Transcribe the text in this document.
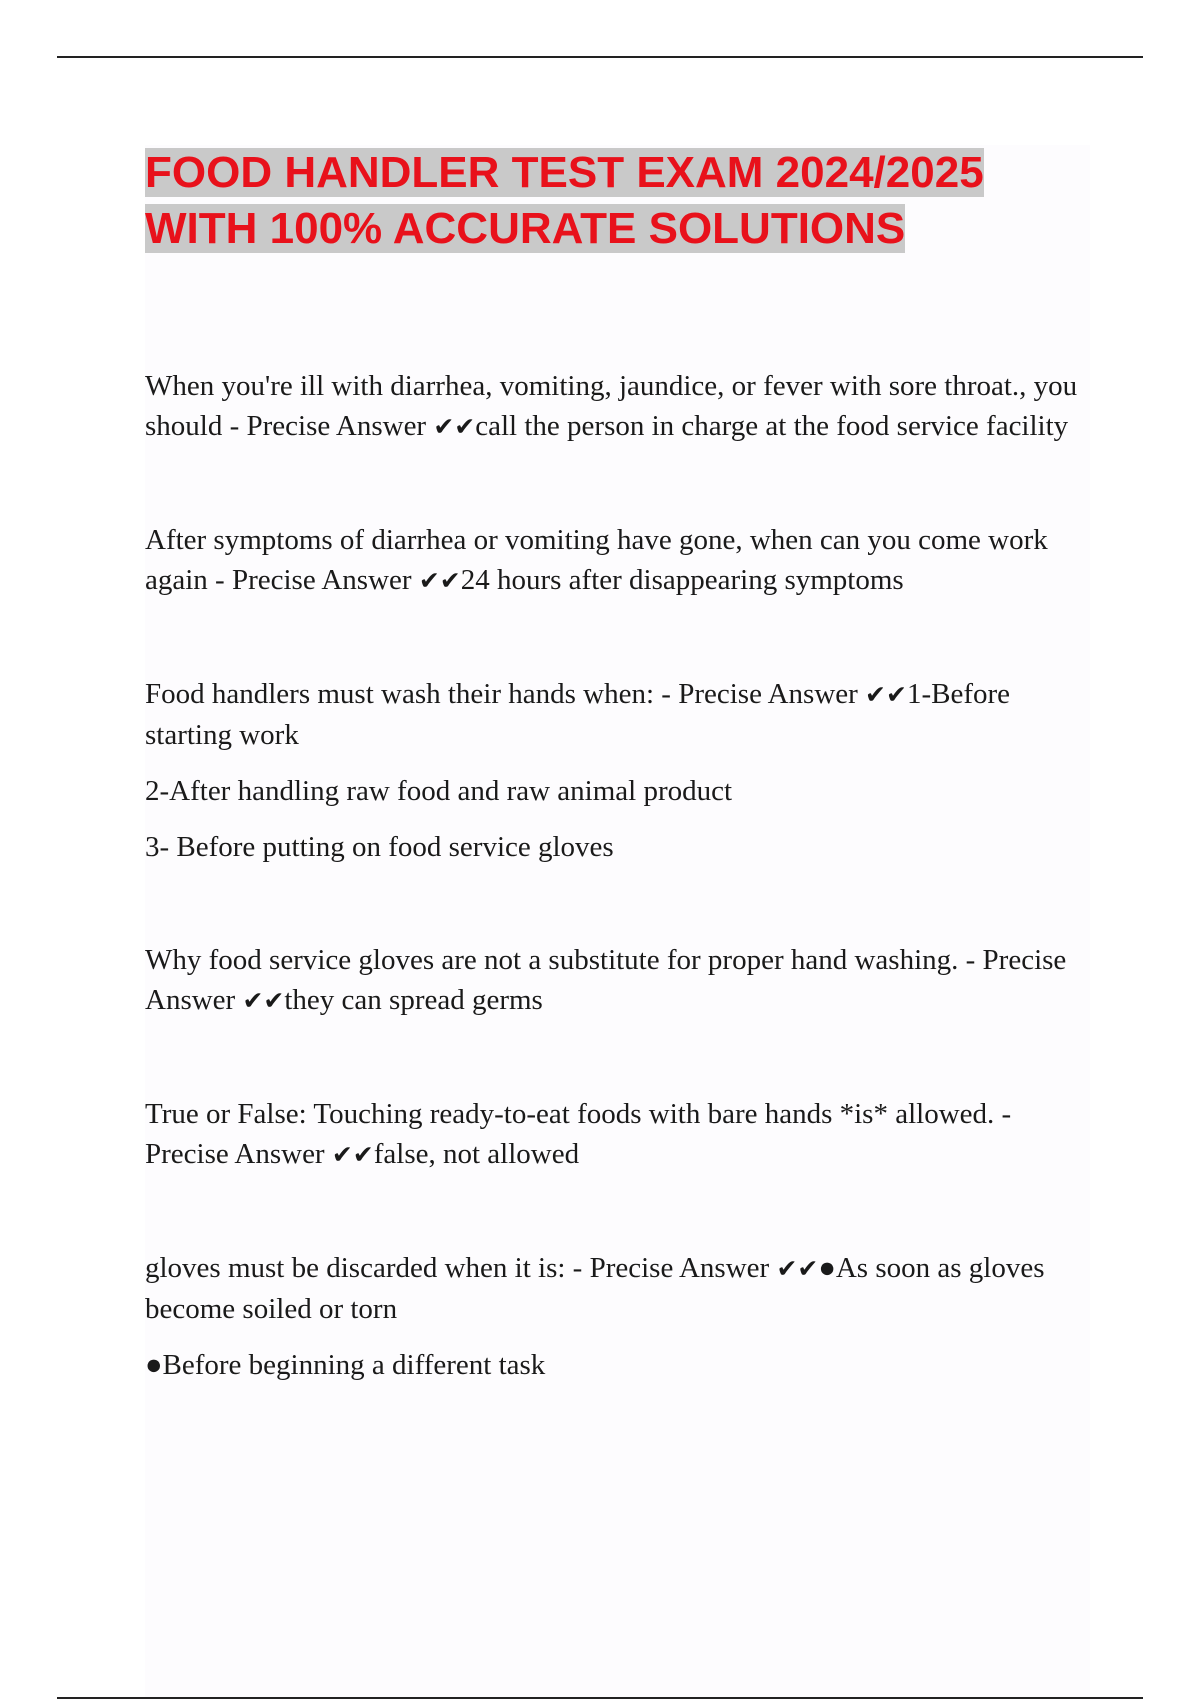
FOOD HANDLER TEST EXAM 2024/2025
WITH 100% ACCURATE SOLUTIONS

When you're ill with diarrhea, vomiting, jaundice, or fever with sore throat., you should - Precise Answer ✔✔call the person in charge at the food service facility

After symptoms of diarrhea or vomiting have gone, when can you come work again - Precise Answer ✔✔24 hours after disappearing symptoms

Food handlers must wash their hands when: - Precise Answer ✔✔1-Before starting work

2-After handling raw food and raw animal product

3- Before putting on food service gloves

Why food service gloves are not a substitute for proper hand washing. - Precise Answer ✔✔they can spread germs

True or False: Touching ready-to-eat foods with bare hands *is* allowed. - Precise Answer ✔✔false, not allowed

gloves must be discarded when it is: - Precise Answer ✔✔●As soon as gloves become soiled or torn

●Before beginning a different task
